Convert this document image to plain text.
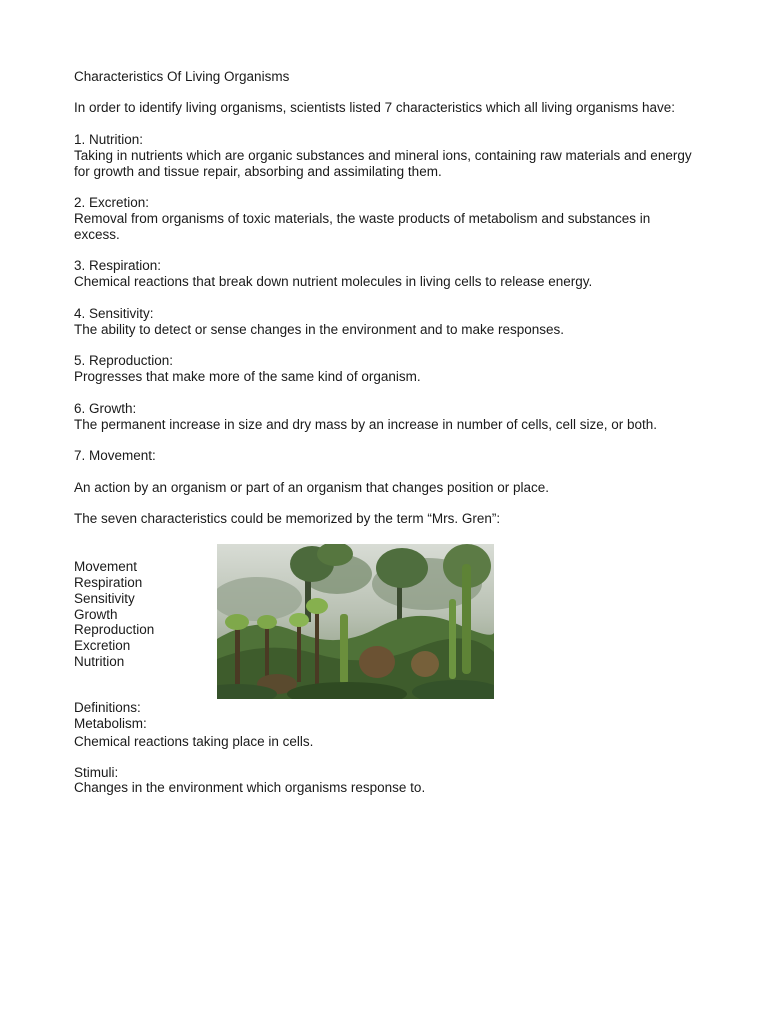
Characteristics Of Living Organisms
In order to identify living organisms, scientists listed 7 characteristics which all living organisms have:
1. Nutrition:
Taking in nutrients which are organic substances and mineral ions, containing raw materials and energy for growth and tissue repair, absorbing and assimilating them.
2. Excretion:
Removal from organisms of toxic materials, the waste products of metabolism and substances in excess.
3. Respiration:
Chemical reactions that break down nutrient molecules in living cells to release energy.
4. Sensitivity:
The ability to detect or sense changes in the environment and to make responses.
5. Reproduction:
Progresses that make more of the same kind of organism.
6. Growth:
The permanent increase in size and dry mass by an increase in number of cells, cell size, or both.
7. Movement:
An action by an organism or part of an organism that changes position or place.
The seven characteristics could be memorized by the term “Mrs. Gren”:
Movement
Respiration
Sensitivity
Growth
Reproduction
Excretion
Nutrition
Definitions:
Metabolism:
Chemical reactions taking place in cells.
Stimuli:
Changes in the environment which organisms response to.
